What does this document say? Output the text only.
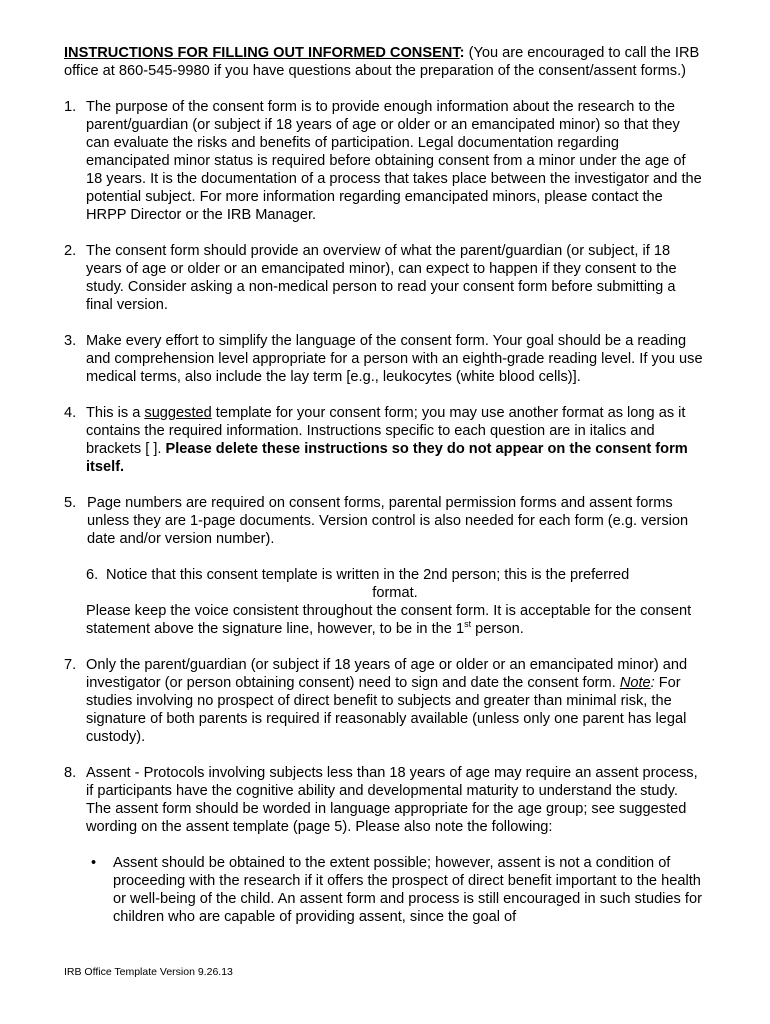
INSTRUCTIONS FOR FILLING OUT INFORMED CONSENT: (You are encouraged to call the IRB office at 860-545-9980 if you have questions about the preparation of the consent/assent forms.)

1. The purpose of the consent form is to provide enough information about the research to the parent/guardian (or subject if 18 years of age or older or an emancipated minor) so that they can evaluate the risks and benefits of participation. Legal documentation regarding emancipated minor status is required before obtaining consent from a minor under the age of 18 years. It is the documentation of a process that takes place between the investigator and the potential subject. For more information regarding emancipated minors, please contact the HRPP Director or the IRB Manager.
2. The consent form should provide an overview of what the parent/guardian (or subject, if 18 years of age or older or an emancipated minor), can expect to happen if they consent to the study. Consider asking a non-medical person to read your consent form before submitting a final version.
3. Make every effort to simplify the language of the consent form. Your goal should be a reading and comprehension level appropriate for a person with an eighth-grade reading level. If you use medical terms, also include the lay term [e.g., leukocytes (white blood cells)].
4. This is a suggested template for your consent form; you may use another format as long as it contains the required information. Instructions specific to each question are in italics and brackets [ ]. Please delete these instructions so they do not appear on the consent form itself.
5. Page numbers are required on consent forms, parental permission forms and assent forms unless they are 1-page documents. Version control is also needed for each form (e.g. version date and/or version number).
6. Notice that this consent template is written in the 2nd person; this is the preferred
format.
Please keep the voice consistent throughout the consent form. It is acceptable for the consent statement above the signature line, however, to be in the 1st person.
7. Only the parent/guardian (or subject if 18 years of age or older or an emancipated minor) and investigator (or person obtaining consent) need to sign and date the consent form. Note: For studies involving no prospect of direct benefit to subjects and greater than minimal risk, the signature of both parents is required if reasonably available (unless only one parent has legal custody).
8. Assent - Protocols involving subjects less than 18 years of age may require an assent process, if participants have the cognitive ability and developmental maturity to understand the study. The assent form should be worded in language appropriate for the age group; see suggested wording on the assent template (page 5). Please also note the following:
• Assent should be obtained to the extent possible; however, assent is not a condition of proceeding with the research if it offers the prospect of direct benefit important to the health or well-being of the child. An assent form and process is still encouraged in such studies for children who are capable of providing assent, since the goal of
IRB Office Template Version 9.26.13
